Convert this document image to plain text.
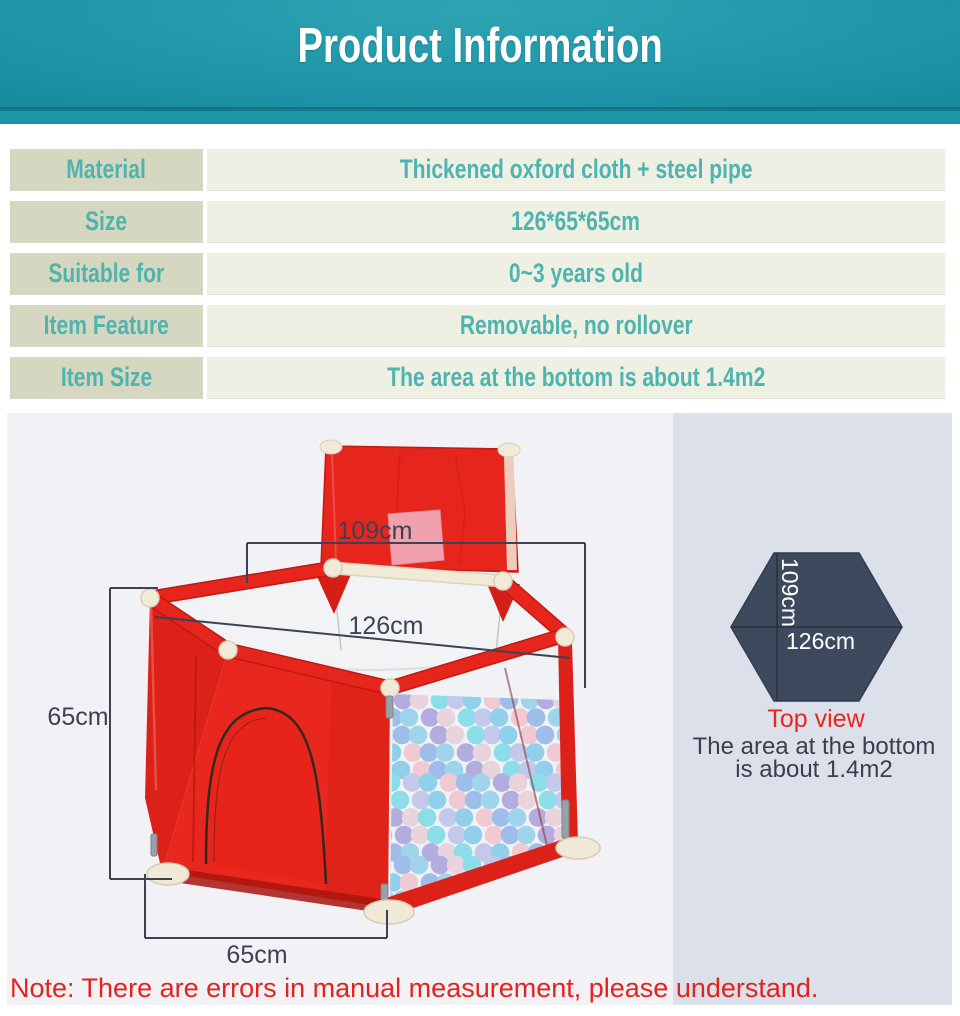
Product Information
Material	Thickened oxford cloth + steel pipe
Size	126*65*65cm
Suitable for	0~3 years old
Item Feature	Removable, no rollover
Item Size	The area at the bottom is about 1.4m2
109cm
126cm
65cm
65cm
109cm
126cm
Top view
The area at the bottom
is about 1.4m2
Note: There are errors in manual measurement, please understand.
